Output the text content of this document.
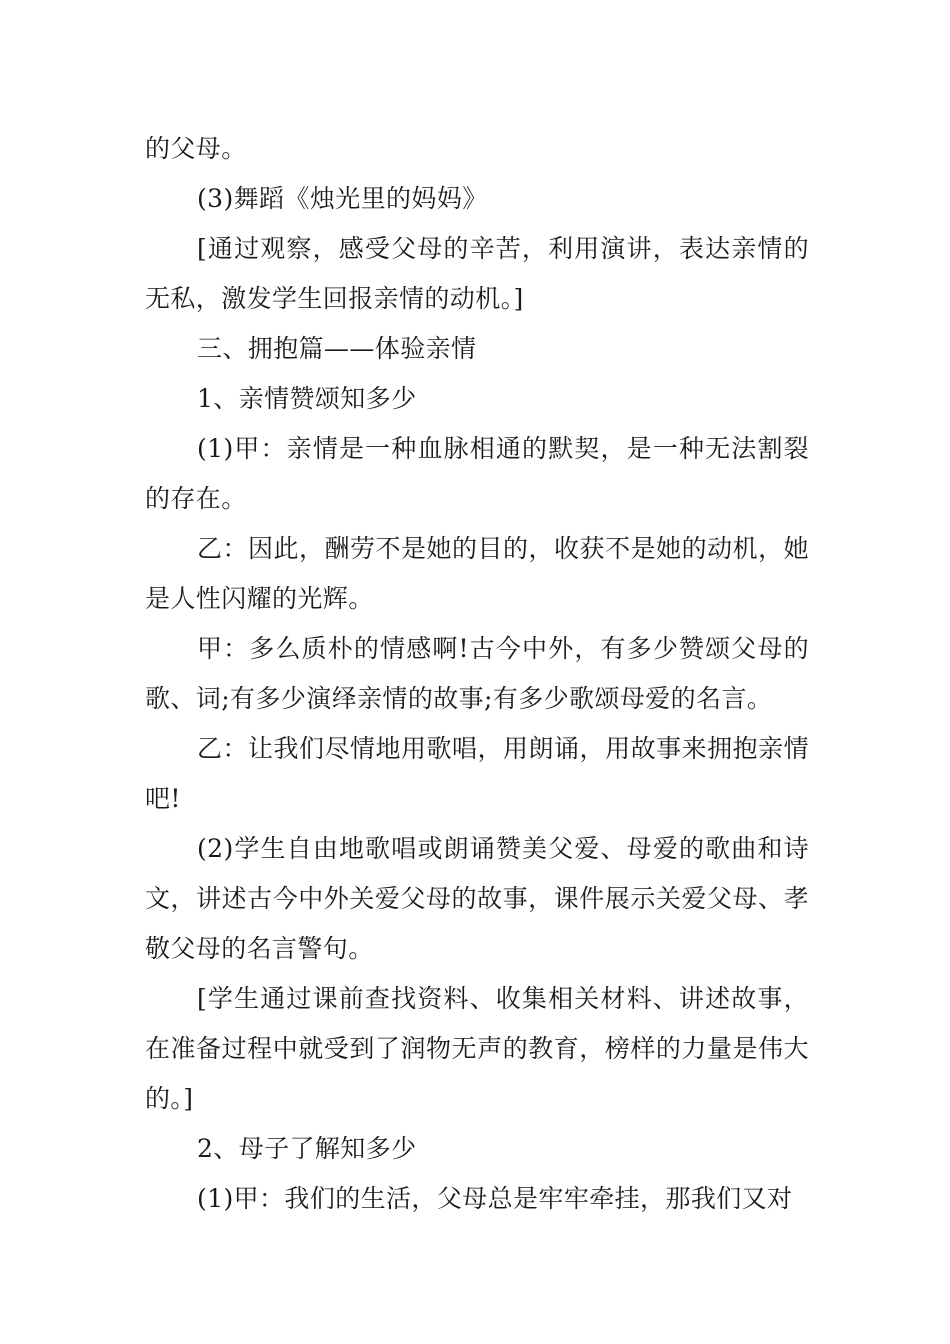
的父母。

(3)舞蹈《烛光里的妈妈》

[通过观察，感受父母的辛苦，利用演讲，表达亲情的无私，激发学生回报亲情的动机。]

三、拥抱篇——体验亲情

1、亲情赞颂知多少

(1)甲：亲情是一种血脉相通的默契，是一种无法割裂的存在。

乙：因此，酬劳不是她的目的，收获不是她的动机，她是人性闪耀的光辉。

甲：多么质朴的情感啊!古今中外，有多少赞颂父母的歌、词;有多少演绎亲情的故事;有多少歌颂母爱的名言。

乙：让我们尽情地用歌唱，用朗诵，用故事来拥抱亲情吧!

(2)学生自由地歌唱或朗诵赞美父爱、母爱的歌曲和诗文，讲述古今中外关爱父母的故事，课件展示关爱父母、孝敬父母的名言警句。

[学生通过课前查找资料、收集相关材料、讲述故事，在准备过程中就受到了润物无声的教育，榜样的力量是伟大的。]

2、母子了解知多少

(1)甲：我们的生活，父母总是牢牢牵挂，那我们又对
